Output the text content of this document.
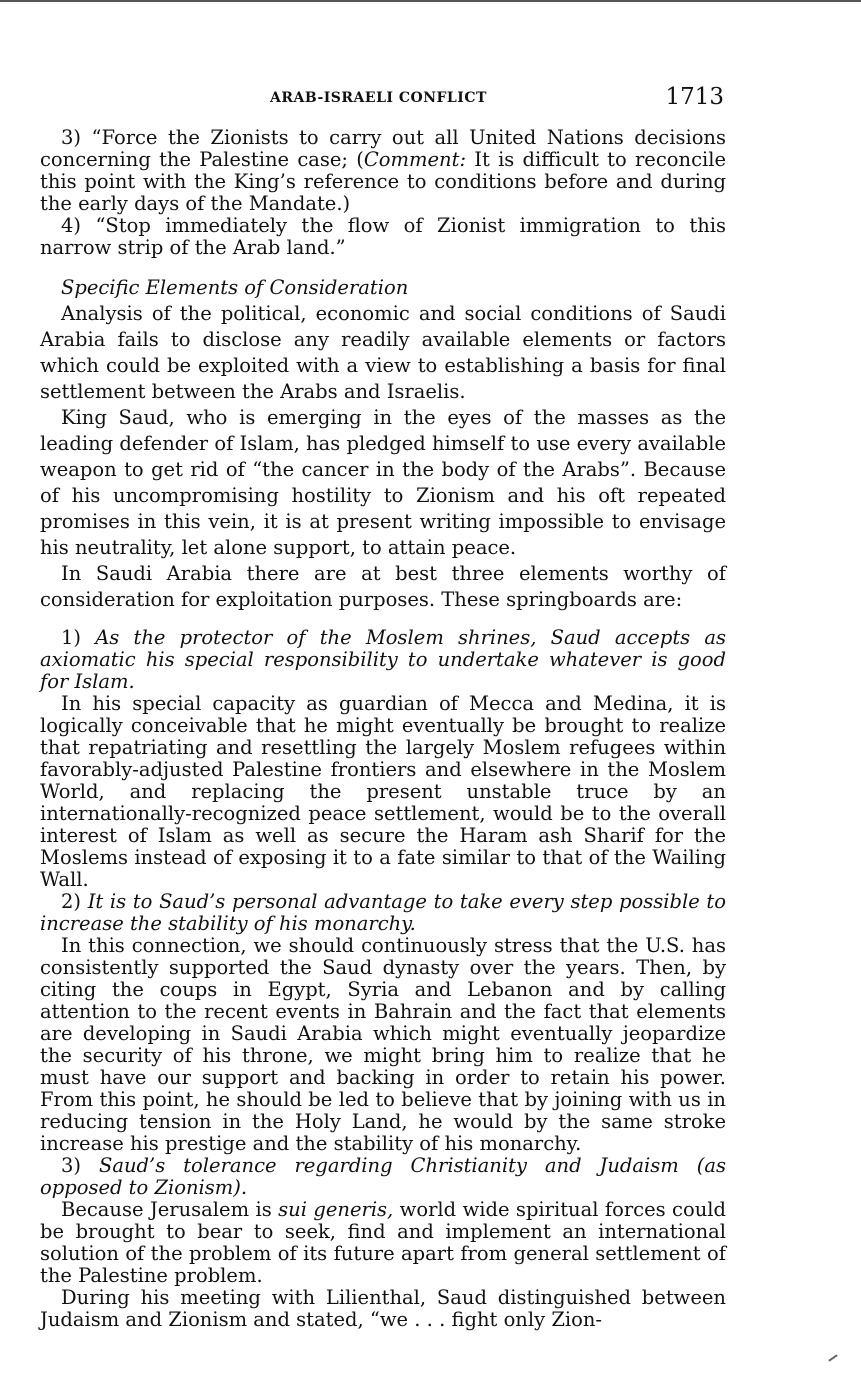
ARAB-ISRAELI CONFLICT	1713

3) “Force the Zionists to carry out all United Nations decisions concerning the Palestine case; (Comment: It is difficult to reconcile this point with the King’s reference to conditions before and during the early days of the Mandate.)

4) “Stop immediately the flow of Zionist immigration to this narrow strip of the Arab land.”

Specific Elements of Consideration

Analysis of the political, economic and social conditions of Saudi Arabia fails to disclose any readily available elements or factors which could be exploited with a view to establishing a basis for final settlement between the Arabs and Israelis.

King Saud, who is emerging in the eyes of the masses as the leading defender of Islam, has pledged himself to use every available weapon to get rid of “the cancer in the body of the Arabs”. Because of his uncompromising hostility to Zionism and his oft repeated promises in this vein, it is at present writing impossible to envisage his neutrality, let alone support, to attain peace.

In Saudi Arabia there are at best three elements worthy of consideration for exploitation purposes. These springboards are:

1) As the protector of the Moslem shrines, Saud accepts as axiomatic his special responsibility to undertake whatever is good for Islam.

In his special capacity as guardian of Mecca and Medina, it is logically conceivable that he might eventually be brought to realize that repatriating and resettling the largely Moslem refugees within favorably-adjusted Palestine frontiers and elsewhere in the Moslem World, and replacing the present unstable truce by an internationally-recognized peace settlement, would be to the overall interest of Islam as well as secure the Haram ash Sharif for the Moslems instead of exposing it to a fate similar to that of the Wailing Wall.

2) It is to Saud’s personal advantage to take every step possible to increase the stability of his monarchy.

In this connection, we should continuously stress that the U.S. has consistently supported the Saud dynasty over the years. Then, by citing the coups in Egypt, Syria and Lebanon and by calling attention to the recent events in Bahrain and the fact that elements are developing in Saudi Arabia which might eventually jeopardize the security of his throne, we might bring him to realize that he must have our support and backing in order to retain his power. From this point, he should be led to believe that by joining with us in reducing tension in the Holy Land, he would by the same stroke increase his prestige and the stability of his monarchy.

3) Saud’s tolerance regarding Christianity and Judaism (as opposed to Zionism).

Because Jerusalem is sui generis, world wide spiritual forces could be brought to bear to seek, find and implement an international solution of the problem of its future apart from general settlement of the Palestine problem.

During his meeting with Lilienthal, Saud distinguished between Judaism and Zionism and stated, “we . . . fight only Zion-
